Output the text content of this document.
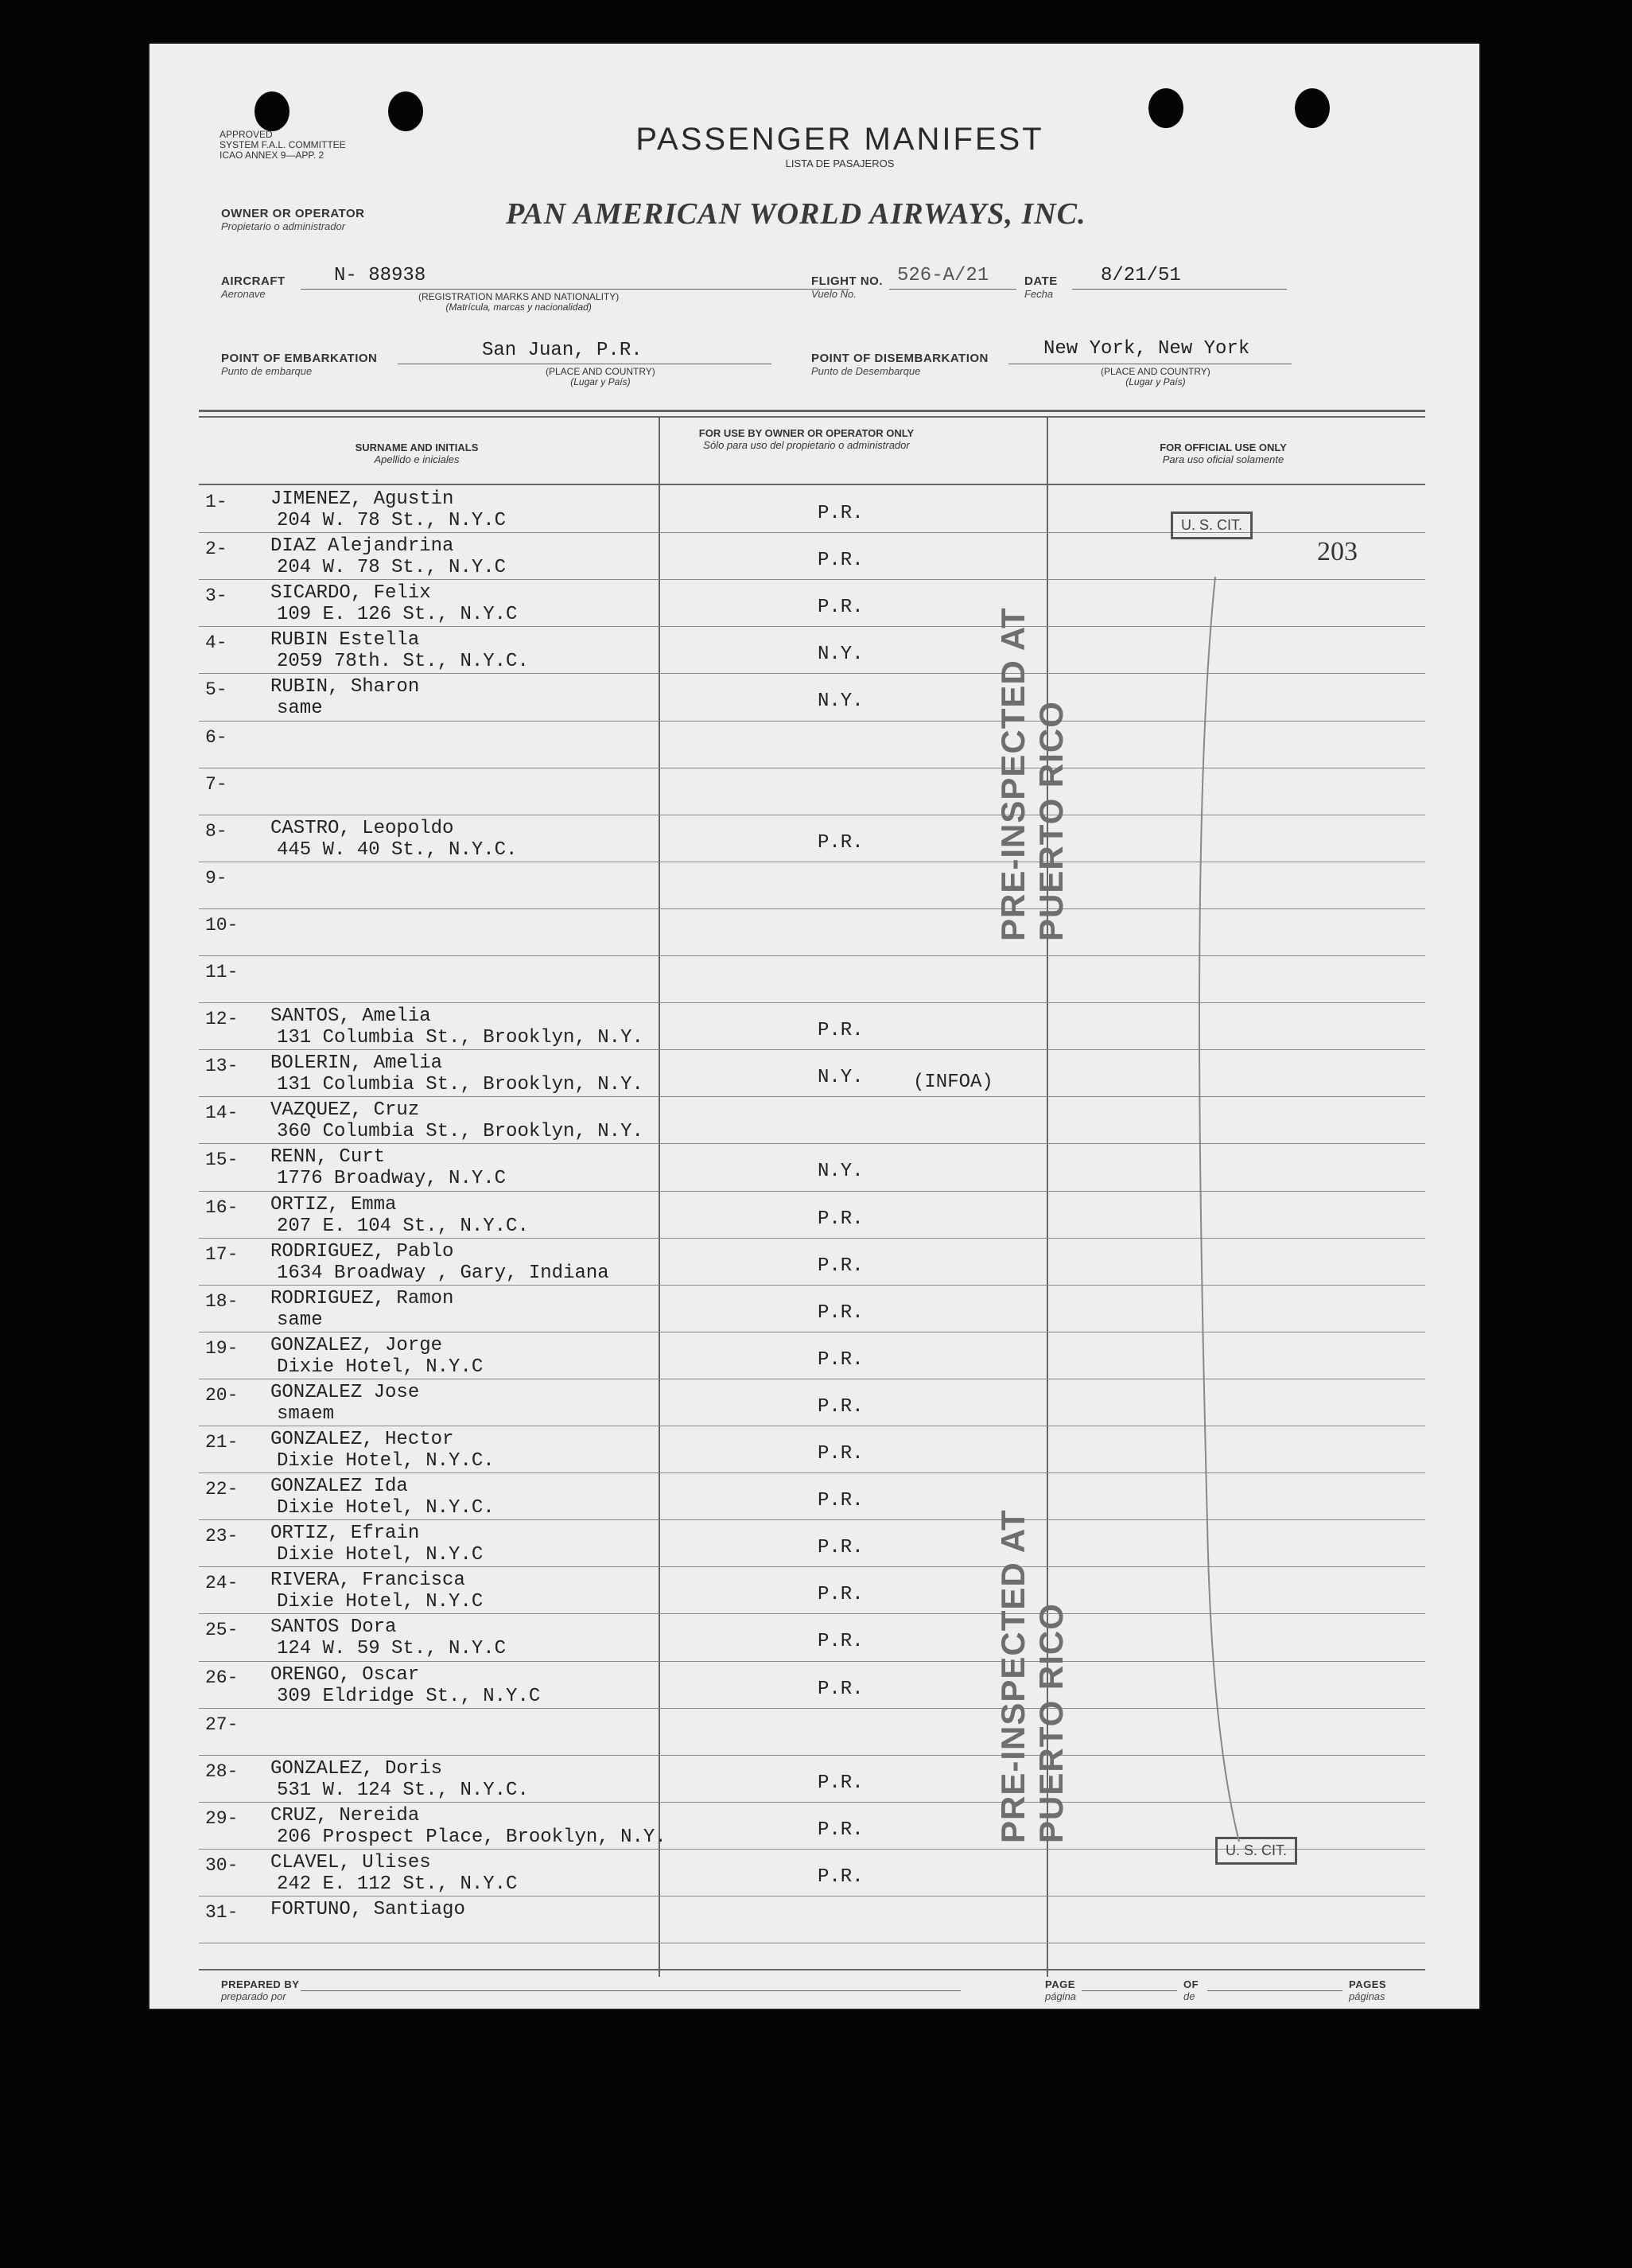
APPROVED
SYSTEM F.A.L. COMMITTEE
ICAO ANNEX 9—APP. 2	PASSENGER MANIFEST
LISTA DE PASAJEROS
OWNER OR OPERATOR
Propietario o administrador	PAN AMERICAN WORLD AIRWAYS, INC.
AIRCRAFT
Aeronave
N- 88938
(REGISTRATION MARKS AND NATIONALITY)
(Matrícula, marcas y nacionalidad)
FLIGHT NO.
Vuelo No.
526-A/21	DATE
Fecha
8/21/51
POINT OF EMBARKATION
Punto de embarque
San Juan, P.R.
(PLACE AND COUNTRY)
(Lugar y País)
POINT OF DISEMBARKATION
Punto de Desembarque
New York, New York
(PLACE AND COUNTRY)
(Lugar y País)
SURNAME AND INITIALS
Apellido e iniciales
FOR USE BY OWNER OR OPERATOR ONLY
Sólo para uso del propietario o administrador	FOR OFFICIAL USE ONLY
Para uso oficial solamente
1- JIMENEZ, Agustin
204 W. 78 St., N.Y.C	P.R.
2- DIAZ Alejandrina
204 W. 78 St., N.Y.C	P.R.
3- SICARDO, Felix
109 E. 126 St., N.Y.C	P.R.
4- RUBIN Estella
2059 78th. St., N.Y.C.	N.Y.
5- RUBIN, Sharon
same	N.Y.
6-
7-
8- CASTRO, Leopoldo
445 W. 40 St., N.Y.C.	P.R.
9-
10-
11-
12- SANTOS, Amelia
131 Columbia St., Brooklyn, N.Y.	P.R.
13- BOLERIN, Amelia
131 Columbia St., Brooklyn, N.Y.	N.Y.
14- VAZQUEZ, Cruz
360 Columbia St., Brooklyn, N.Y.
15- RENN, Curt
1776 Broadway, N.Y.C	N.Y.
16- ORTIZ, Emma
207 E. 104 St., N.Y.C.	P.R.
17- RODRIGUEZ, Pablo
1634 Broadway , Gary, Indiana	P.R.
18- RODRIGUEZ, Ramon
same	P.R.
19- GONZALEZ, Jorge
Dixie Hotel, N.Y.C	P.R.
20- GONZALEZ Jose
smaem	P.R.
21- GONZALEZ, Hector
Dixie Hotel, N.Y.C.	P.R.
22- GONZALEZ Ida
Dixie Hotel, N.Y.C.	P.R.
23- ORTIZ, Efrain
Dixie Hotel, N.Y.C	P.R.
24- RIVERA, Francisca
Dixie Hotel, N.Y.C	P.R.
25- SANTOS Dora
124 W. 59 St., N.Y.C	P.R.
26- ORENGO, Oscar
309 Eldridge St., N.Y.C	P.R.
27-
28- GONZALEZ, Doris
531 W. 124 St., N.Y.C.	P.R.
29- CRUZ, Nereida
206 Prospect Place, Brooklyn, N.Y.	P.R.
30- CLAVEL, Ulises
242 E. 112 St., N.Y.C	P.R.
31- FORTUNO, Santiago
PRE-INSPECTED AT PUERTO RICO
PRE-INSPECTED AT PUERTO RICO
U. S. CIT.
U. S. CIT.
203
(INFOA)
PREPARED BY
preparado por
PAGE
página
OF
de
PAGES
páginas
